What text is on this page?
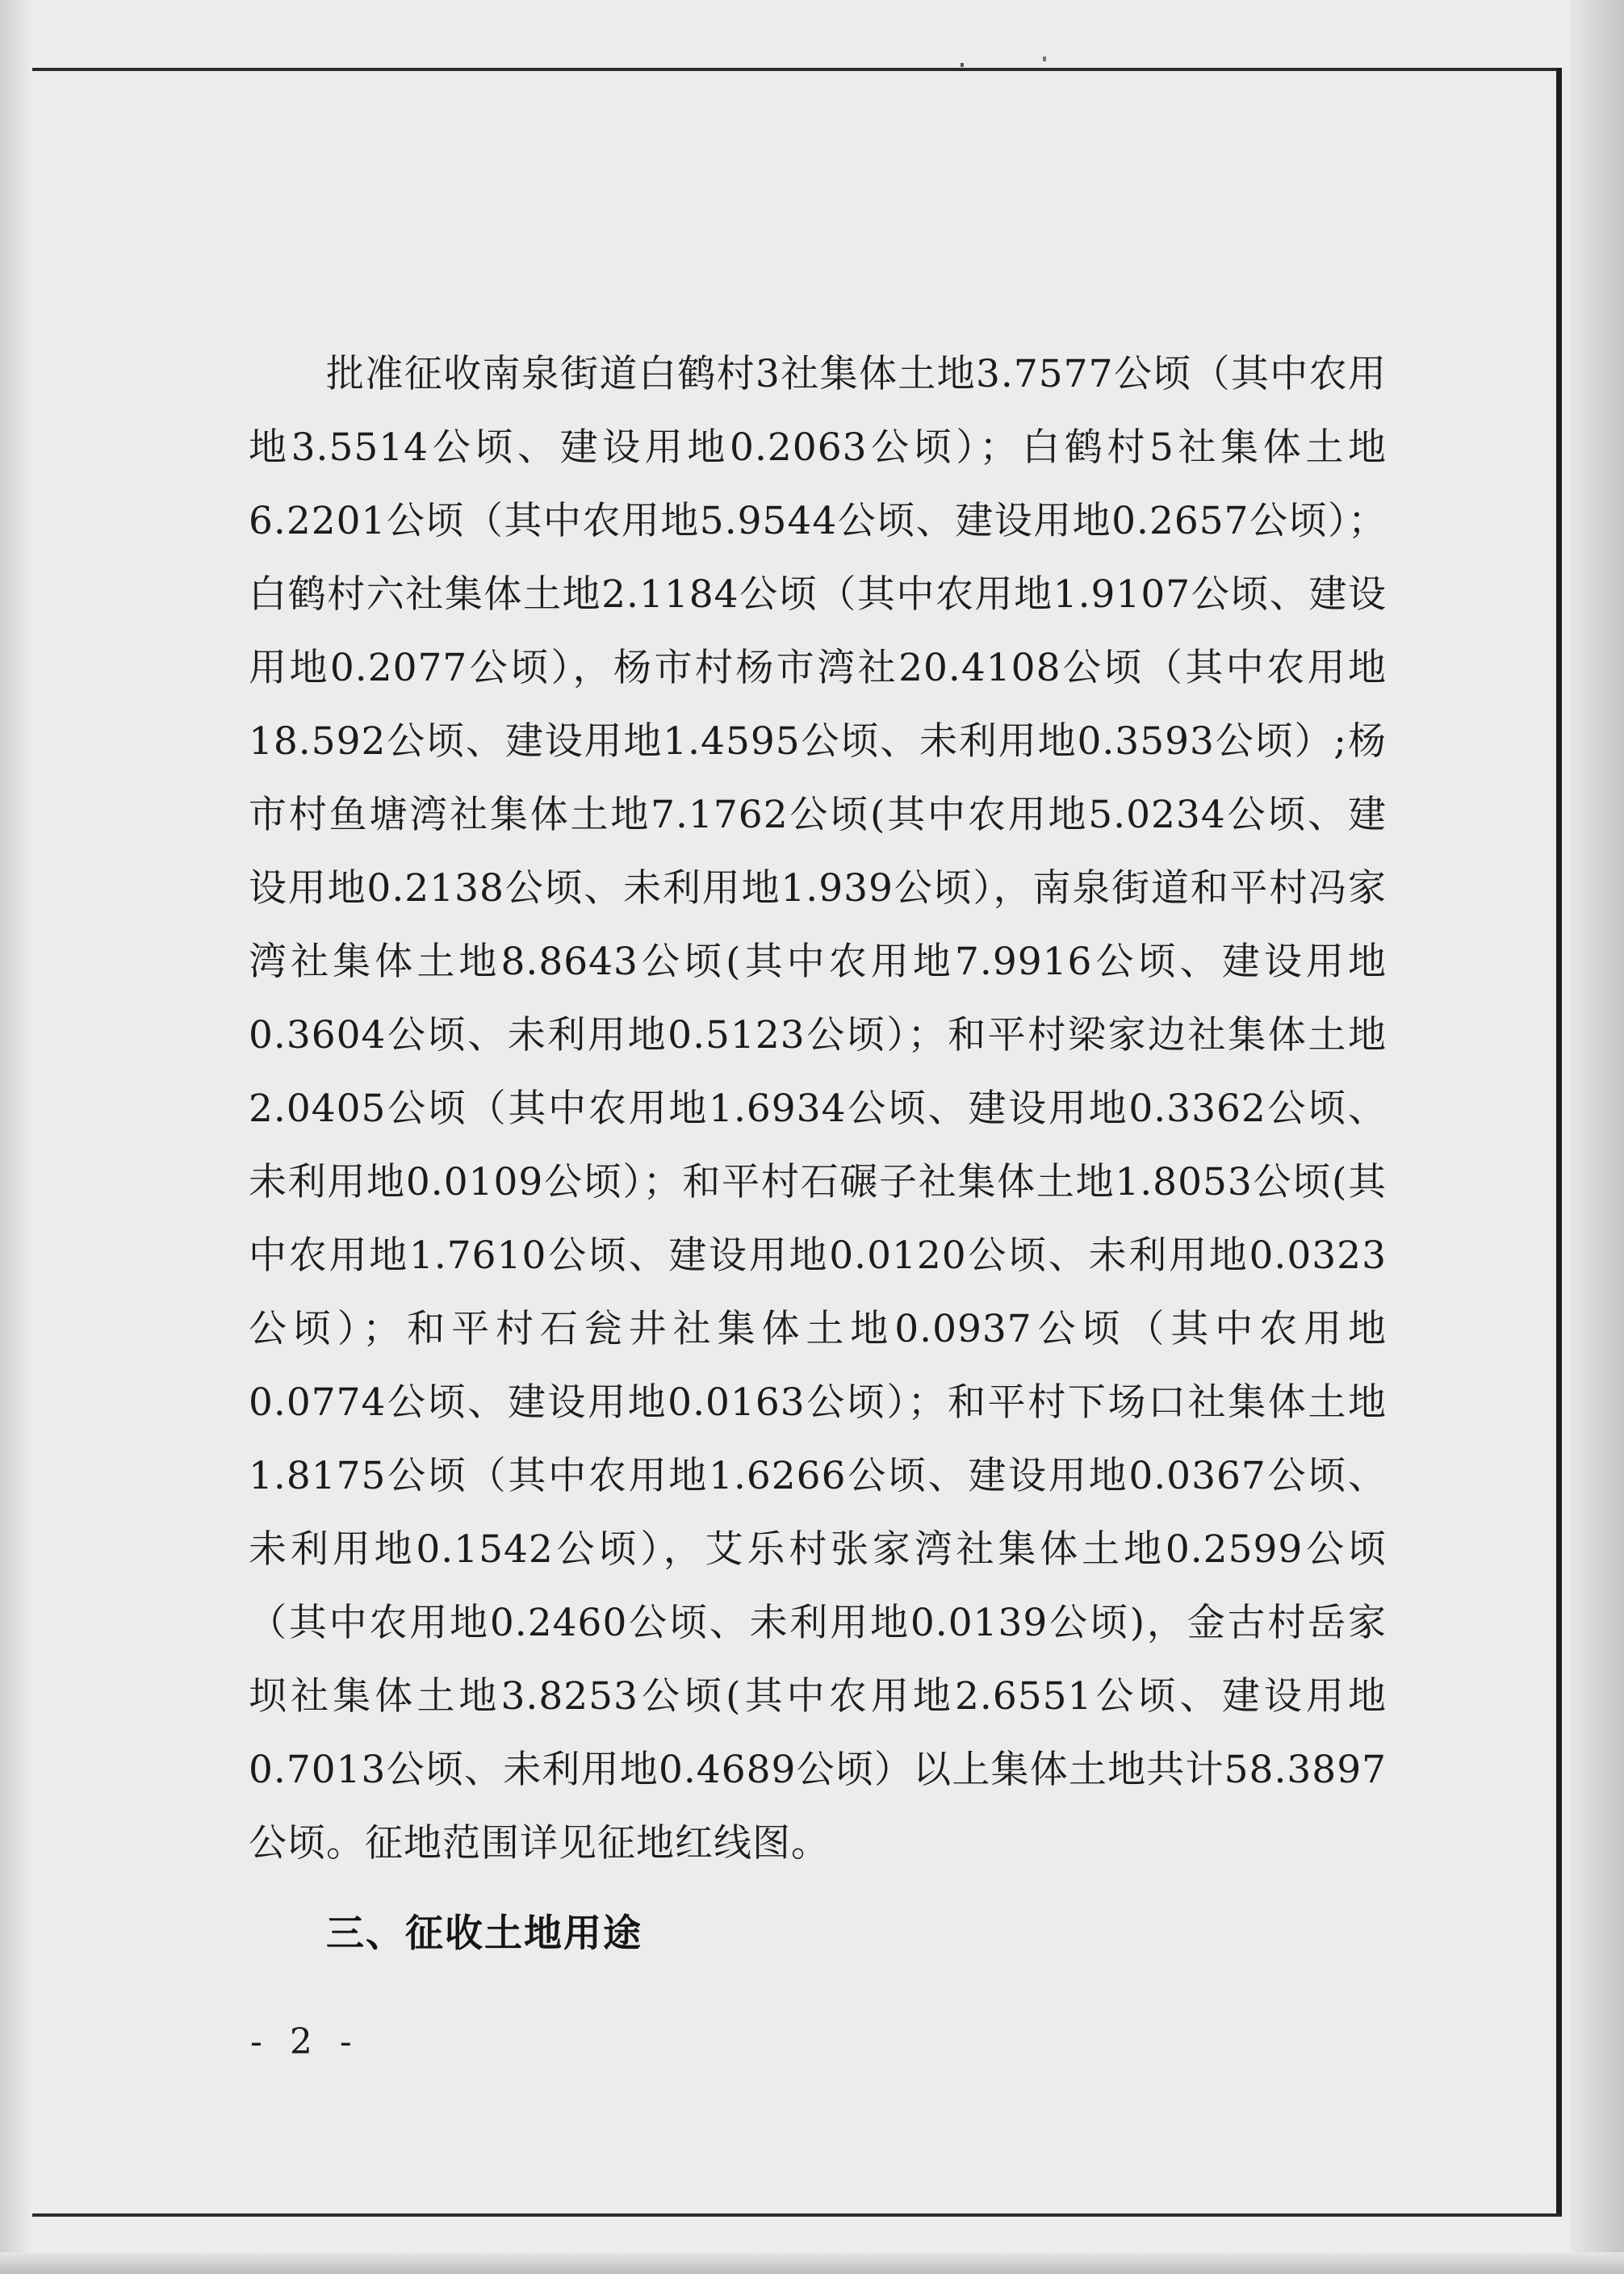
批准征收南泉街道白鹤村3社集体土地3.7577公顷（其中农用地3.5514公顷、建设用地0.2063公顷）；白鹤村5社集体土地6.2201公顷（其中农用地5.9544公顷、建设用地0.2657公顷）；白鹤村六社集体土地2.1184公顷（其中农用地1.9107公顷、建设用地0.2077公顷），杨市村杨市湾社20.4108公顷（其中农用地18.592公顷、建设用地1.4595公顷、未利用地0.3593公顷）;杨市村鱼塘湾社集体土地7.1762公顷(其中农用地5.0234公顷、建设用地0.2138公顷、未利用地1.939公顷），南泉街道和平村冯家湾社集体土地8.8643公顷(其中农用地7.9916公顷、建设用地0.3604公顷、未利用地0.5123公顷）；和平村梁家边社集体土地2.0405公顷（其中农用地1.6934公顷、建设用地0.3362公顷、未利用地0.0109公顷）；和平村石碾子社集体土地1.8053公顷(其中农用地1.7610公顷、建设用地0.0120公顷、未利用地0.0323公顷）；和平村石瓮井社集体土地0.0937公顷（其中农用地0.0774公顷、建设用地0.0163公顷）；和平村下场口社集体土地1.8175公顷（其中农用地1.6266公顷、建设用地0.0367公顷、未利用地0.1542公顷），艾乐村张家湾社集体土地0.2599公顷（其中农用地0.2460公顷、未利用地0.0139公顷)，金古村岳家坝社集体土地3.8253公顷(其中农用地2.6551公顷、建设用地0.7013公顷、未利用地0.4689公顷）以上集体土地共计58.3897公顷。征地范围详见征地红线图。

三、征收土地用途

- 2 -
